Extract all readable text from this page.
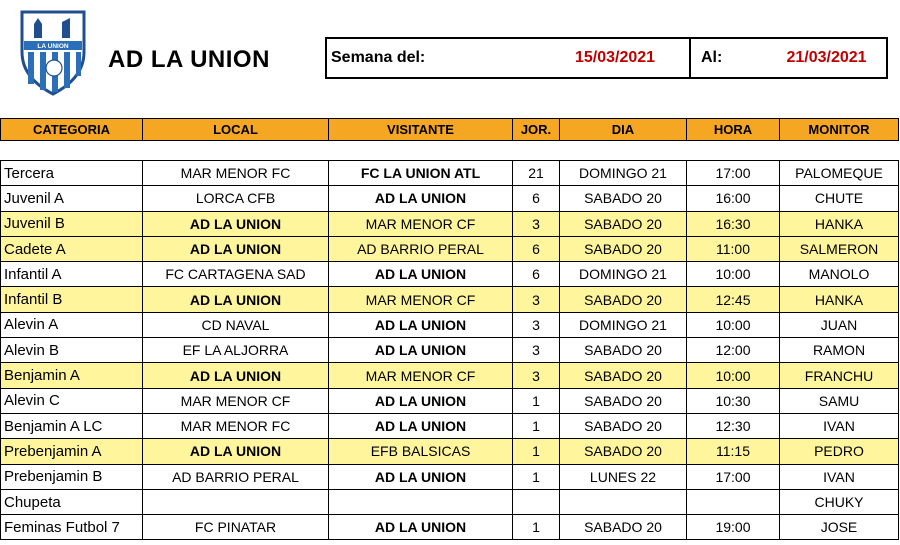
LA UNION AD LA UNION	Semana del:	15/03/2021	Al:	21/03/2021
CATEGORIA	LOCAL	VISITANTE	JOR.	DIA	HORA	MONITOR
Tercera	MAR MENOR FC	FC LA UNION ATL	21	DOMINGO 21	17:00	PALOMEQUE
Juvenil A	LORCA CFB	AD LA UNION	6	SABADO 20	16:00	CHUTE
Juvenil B	AD LA UNION	MAR MENOR CF	3	SABADO 20	16:30	HANKA
Cadete A	AD LA UNION	AD BARRIO PERAL	6	SABADO 20	11:00	SALMERON
Infantil A	FC CARTAGENA SAD	AD LA UNION	6	DOMINGO 21	10:00	MANOLO
Infantil B	AD LA UNION	MAR MENOR CF	3	SABADO 20	12:45	HANKA
Alevin A	CD NAVAL	AD LA UNION	3	DOMINGO 21	10:00	JUAN
Alevin B	EF LA ALJORRA	AD LA UNION	3	SABADO 20	12:00	RAMON
Benjamin A	AD LA UNION	MAR MENOR CF	3	SABADO 20	10:00	FRANCHU
Alevin C	MAR MENOR CF	AD LA UNION	1	SABADO 20	10:30	SAMU
Benjamin A LC	MAR MENOR FC	AD LA UNION	1	SABADO 20	12:30	IVAN
Prebenjamin A	AD LA UNION	EFB BALSICAS	1	SABADO 20	11:15	PEDRO
Prebenjamin B	AD BARRIO PERAL	AD LA UNION	1	LUNES 22	17:00	IVAN
Chupeta						CHUKY
Feminas Futbol 7	FC PINATAR	AD LA UNION	1	SABADO 20	19:00	JOSE
